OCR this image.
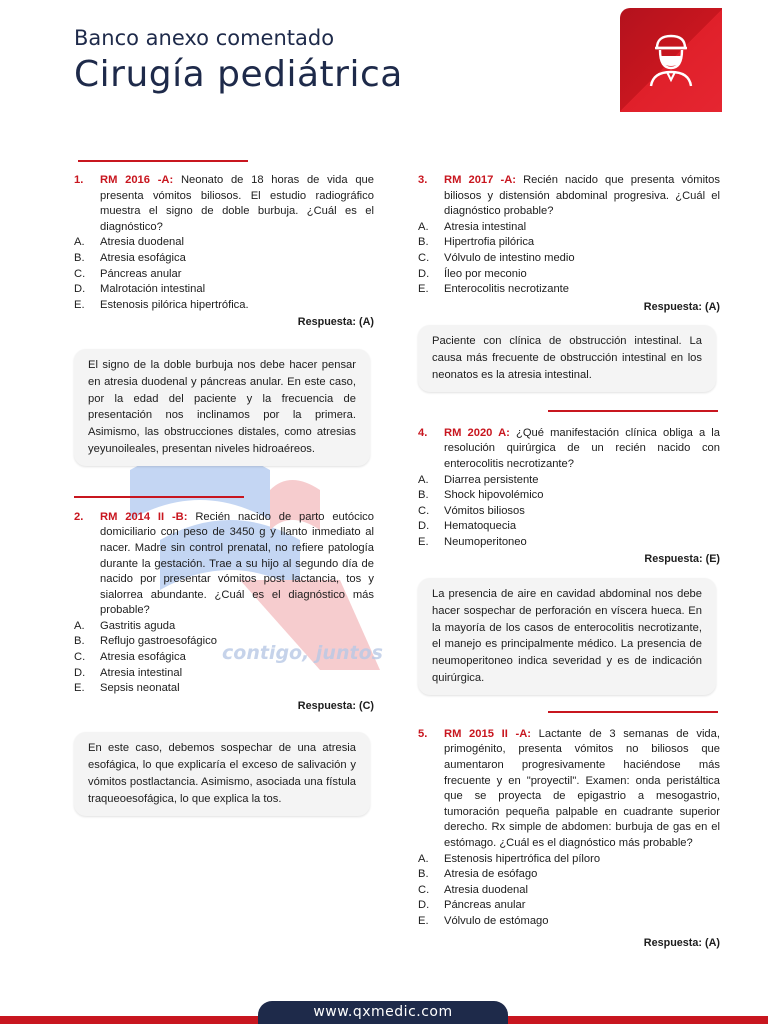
Banco anexo comentado
Cirugía pediátrica
contigo, juntos
1.	RM 2016 -A: Neonato de 18 horas de vida que presenta vómitos biliosos. El estudio radiográfico muestra el signo de doble burbuja. ¿Cuál es el diagnóstico?
A.	Atresia duodenal
B.	Atresia esofágica
C.	Páncreas anular
D.	Malrotación intestinal
E.	Estenosis pilórica hipertrófica.
Respuesta: (A)
El signo de la doble burbuja nos debe hacer pensar en atresia duodenal y páncreas anular. En este caso, por la edad del paciente y la frecuencia de presentación nos inclinamos por la primera. Asimismo, las obstrucciones distales, como atresias yeyunoileales, presentan niveles hidroaéreos.
2.	RM 2014 II -B: Recién nacido de parto eutócico domiciliario con peso de 3450 g y llanto inmediato al nacer. Madre sin control prenatal, no refiere patología durante la gestación. Trae a su hijo al segundo día de nacido por presentar vómitos post lactancia, tos y sialorrea abundante. ¿Cuál es el diagnóstico más probable?
A.	Gastritis aguda
B.	Reflujo gastroesofágico
C.	Atresia esofágica
D.	Atresia intestinal
E.	Sepsis neonatal
Respuesta: (C)
En este caso, debemos sospechar de una atresia esofágica, lo que explicaría el exceso de salivación y vómitos postlactancia. Asimismo, asociada una fístula traqueoesofágica, lo que explica la tos.
3.	RM 2017 -A: Recién nacido que presenta vómitos biliosos y distensión abdominal progresiva. ¿Cuál el diagnóstico probable?
A.	Atresia intestinal
B.	Hipertrofia pilórica
C.	Vólvulo de intestino medio
D.	Íleo por meconio
E.	Enterocolitis necrotizante
Respuesta: (A)
Paciente con clínica de obstrucción intestinal. La causa más frecuente de obstrucción intestinal en los neonatos es la atresia intestinal.
4.	RM 2020 A: ¿Qué manifestación clínica obliga a la resolución quirúrgica de un recién nacido con enterocolitis necrotizante?
A.	Diarrea persistente
B.	Shock hipovolémico
C.	Vómitos biliosos
D.	Hematoquecia
E.	Neumoperitoneo
Respuesta: (E)
La presencia de aire en cavidad abdominal nos debe hacer sospechar de perforación en víscera hueca. En la mayoría de los casos de enterocolitis necrotizante, el manejo es principalmente médico. La presencia de neumoperitoneo indica severidad y es de indicación quirúrgica.
5.	RM 2015 II -A: Lactante de 3 semanas de vida, primogénito, presenta vómitos no biliosos que aumentaron progresivamente haciéndose más frecuente y en "proyectil". Examen: onda peristáltica que se proyecta de epigastrio a mesogastrio, tumoración pequeña palpable en cuadrante superior derecho. Rx simple de abdomen: burbuja de gas en el estómago. ¿Cuál es el diagnóstico más probable?
A.	Estenosis hipertrófica del píloro
B.	Atresia de esófago
C.	Atresia duodenal
D.	Páncreas anular
E.	Vólvulo de estómago
Respuesta: (A)
www.qxmedic.com
